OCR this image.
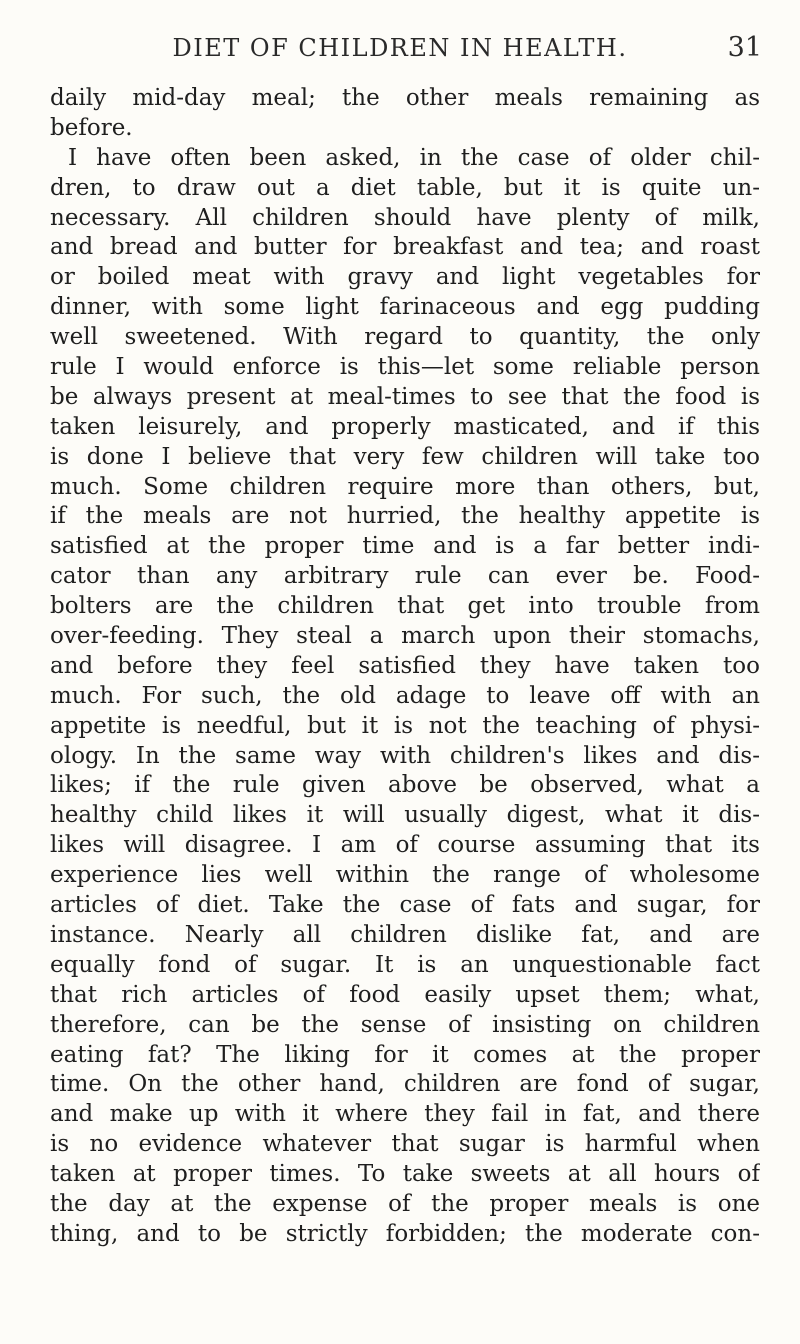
DIET OF CHILDREN IN HEALTH.	31
daily mid-day meal; the other meals remaining as
before.
I have often been asked, in the case of older chil-
dren, to draw out a diet table, but it is quite un-
necessary. All children should have plenty of milk,
and bread and butter for breakfast and tea; and roast
or boiled meat with gravy and light vegetables for
dinner, with some light farinaceous and egg pudding
well sweetened. With regard to quantity, the only
rule I would enforce is this—let some reliable person
be always present at meal-times to see that the food is
taken leisurely, and properly masticated, and if this
is done I believe that very few children will take too
much. Some children require more than others, but,
if the meals are not hurried, the healthy appetite is
satisfied at the proper time and is a far better indi-
cator than any arbitrary rule can ever be. Food-
bolters are the children that get into trouble from
over-feeding. They steal a march upon their stomachs,
and before they feel satisfied they have taken too
much. For such, the old adage to leave off with an
appetite is needful, but it is not the teaching of physi-
ology. In the same way with children's likes and dis-
likes; if the rule given above be observed, what a
healthy child likes it will usually digest, what it dis-
likes will disagree. I am of course assuming that its
experience lies well within the range of wholesome
articles of diet. Take the case of fats and sugar, for
instance. Nearly all children dislike fat, and are
equally fond of sugar. It is an unquestionable fact
that rich articles of food easily upset them; what,
therefore, can be the sense of insisting on children
eating fat? The liking for it comes at the proper
time. On the other hand, children are fond of sugar,
and make up with it where they fail in fat, and there
is no evidence whatever that sugar is harmful when
taken at proper times. To take sweets at all hours of
the day at the expense of the proper meals is one
thing, and to be strictly forbidden; the moderate con-
